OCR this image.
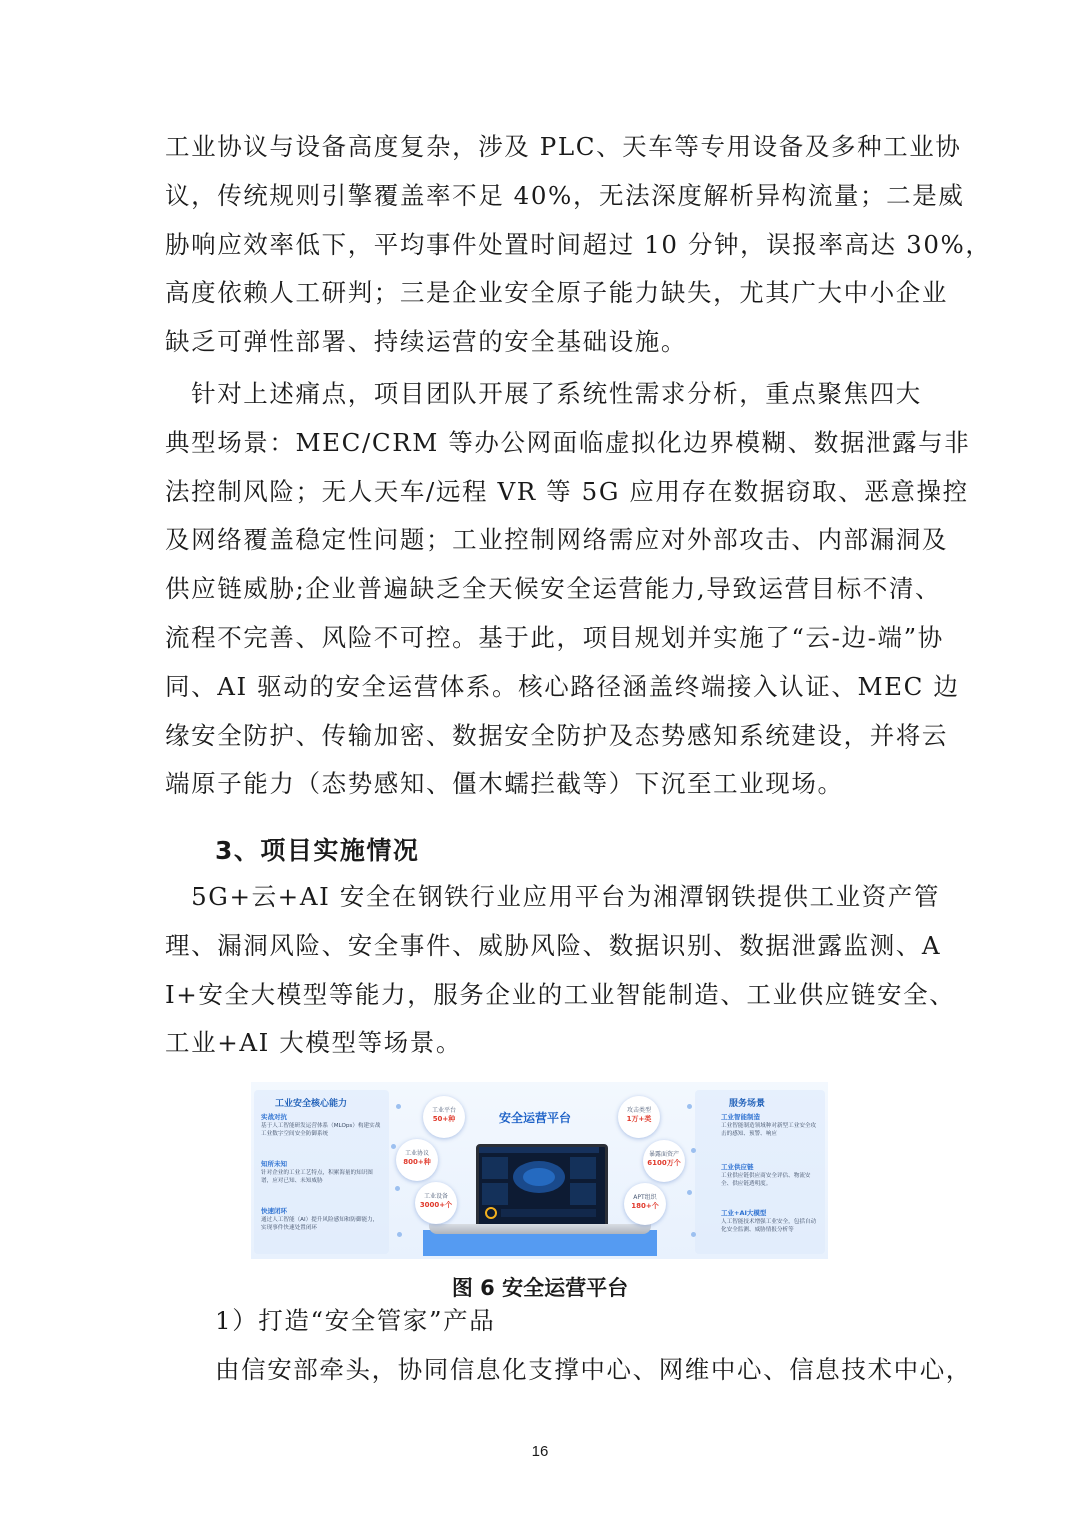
工业协议与设备高度复杂，涉及 PLC、天车等专用设备及多种工业协
议，传统规则引擎覆盖率不足 40%，无法深度解析异构流量；二是威
胁响应效率低下，平均事件处置时间超过 10 分钟，误报率高达 30%，
高度依赖人工研判；三是企业安全原子能力缺失，尤其广大中小企业
缺乏可弹性部署、持续运营的安全基础设施。
　针对上述痛点，项目团队开展了系统性需求分析，重点聚焦四大
典型场景：MEC/CRM 等办公网面临虚拟化边界模糊、数据泄露与非
法控制风险；无人天车/远程 VR 等 5G 应用存在数据窃取、恶意操控
及网络覆盖稳定性问题；工业控制网络需应对外部攻击、内部漏洞及
供应链威胁;企业普遍缺乏全天候安全运营能力,导致运营目标不清、
流程不完善、风险不可控。基于此，项目规划并实施了“云-边-端”协
同、AI 驱动的安全运营体系。核心路径涵盖终端接入认证、MEC 边
缘安全防护、传输加密、数据安全防护及态势感知系统建设，并将云
端原子能力（态势感知、僵木蠕拦截等）下沉至工业现场。
3、项目实施情况
　5G+云+AI 安全在钢铁行业应用平台为湘潭钢铁提供工业资产管
理、漏洞风险、安全事件、威胁风险、数据识别、数据泄露监测、A
I+安全大模型等能力，服务企业的工业智能制造、工业供应链安全、
工业+AI 大模型等场景。
工业安全核心能力
实战对抗
基于人工智能研发运营体系（MLOps）构建实战工业数字空间安全防御系统
知所未知
针对企业的工业工艺特点，积累海量的知识图谱，应对已知、未知威胁
快速闭环
通过人工智能（AI）提升风险感知和防御能力，实现事件快速处置闭环
服务场景
工业智能制造
工业智能制造领域种对新型工业安全攻击的感知、预警、响应
工业供应链
工业供应链供应商安全评估、物流安全、供应链透明度。
工业+AI大模型
人工智能技术增强工业安全，包括自动化安全监测、威胁情报分析等
安全运营平台
工业平台
50+种
工业协议
800+种
工业设备
3000+个
攻击类型
1万+类
暴露面资产
6100万个
APT组织
180+个
图 6 安全运营平台
1）打造“安全管家”产品
由信安部牵头，协同信息化支撑中心、网维中心、信息技术中心，
16
